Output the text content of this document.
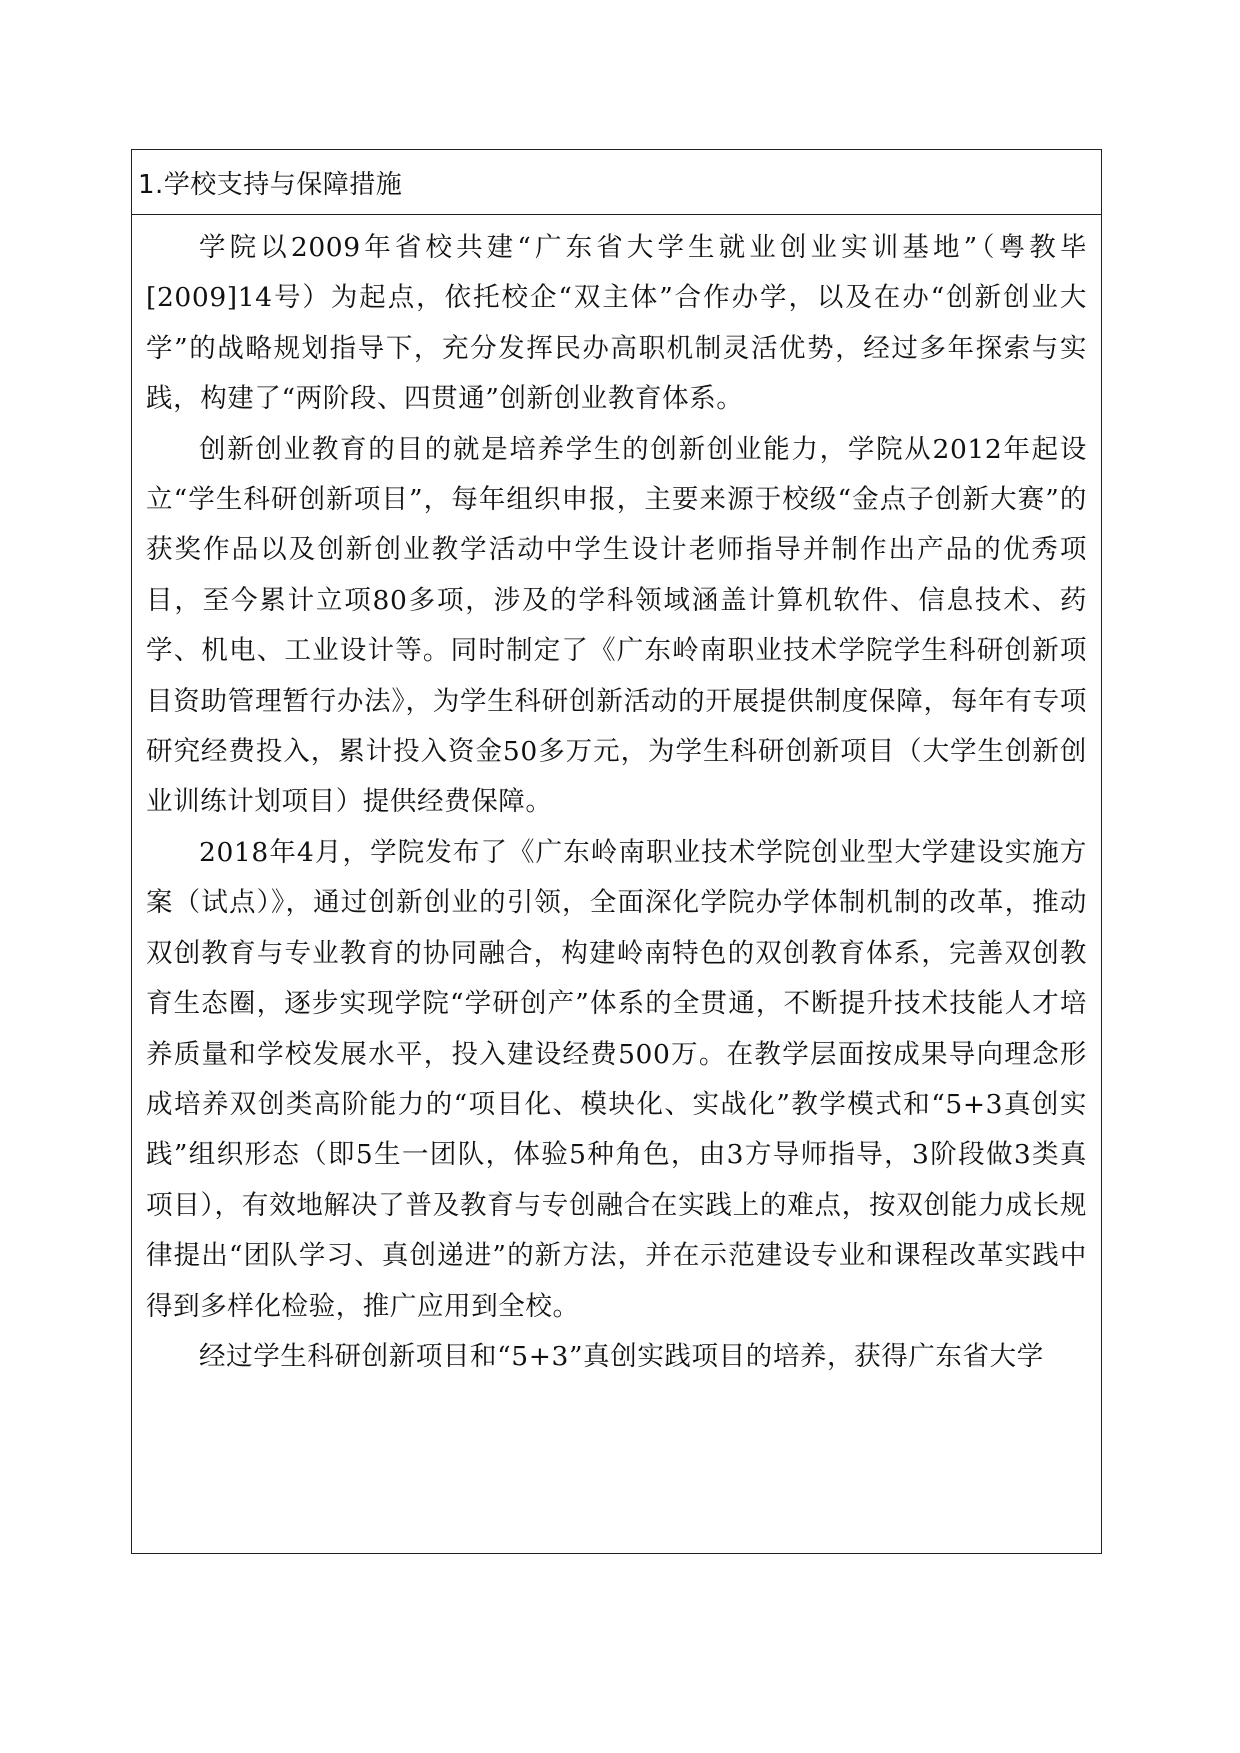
1.学校支持与保障措施

学院以2009年省校共建“广东省大学生就业创业实训基地”（粤教毕[2009]14号）为起点，依托校企“双主体”合作办学，以及在办“创新创业大学”的战略规划指导下，充分发挥民办高职机制灵活优势，经过多年探索与实践，构建了“两阶段、四贯通”创新创业教育体系。

创新创业教育的目的就是培养学生的创新创业能力，学院从2012年起设立“学生科研创新项目”，每年组织申报，主要来源于校级“金点子创新大赛”的获奖作品以及创新创业教学活动中学生设计老师指导并制作出产品的优秀项目，至今累计立项80多项，涉及的学科领域涵盖计算机软件、信息技术、药学、机电、工业设计等。同时制定了《广东岭南职业技术学院学生科研创新项目资助管理暂行办法》，为学生科研创新活动的开展提供制度保障，每年有专项研究经费投入，累计投入资金50多万元，为学生科研创新项目（大学生创新创业训练计划项目）提供经费保障。

2018年4月，学院发布了《广东岭南职业技术学院创业型大学建设实施方案（试点）》，通过创新创业的引领，全面深化学院办学体制机制的改革，推动双创教育与专业教育的协同融合，构建岭南特色的双创教育体系，完善双创教育生态圈，逐步实现学院“学研创产”体系的全贯通，不断提升技术技能人才培养质量和学校发展水平，投入建设经费500万。在教学层面按成果导向理念形成培养双创类高阶能力的“项目化、模块化、实战化”教学模式和“5+3真创实践”组织形态（即5生一团队，体验5种角色，由3方导师指导，3阶段做3类真项目），有效地解决了普及教育与专创融合在实践上的难点，按双创能力成长规律提出“团队学习、真创递进”的新方法，并在示范建设专业和课程改革实践中得到多样化检验，推广应用到全校。

经过学生科研创新项目和“5+3”真创实践项目的培养，获得广东省大学
